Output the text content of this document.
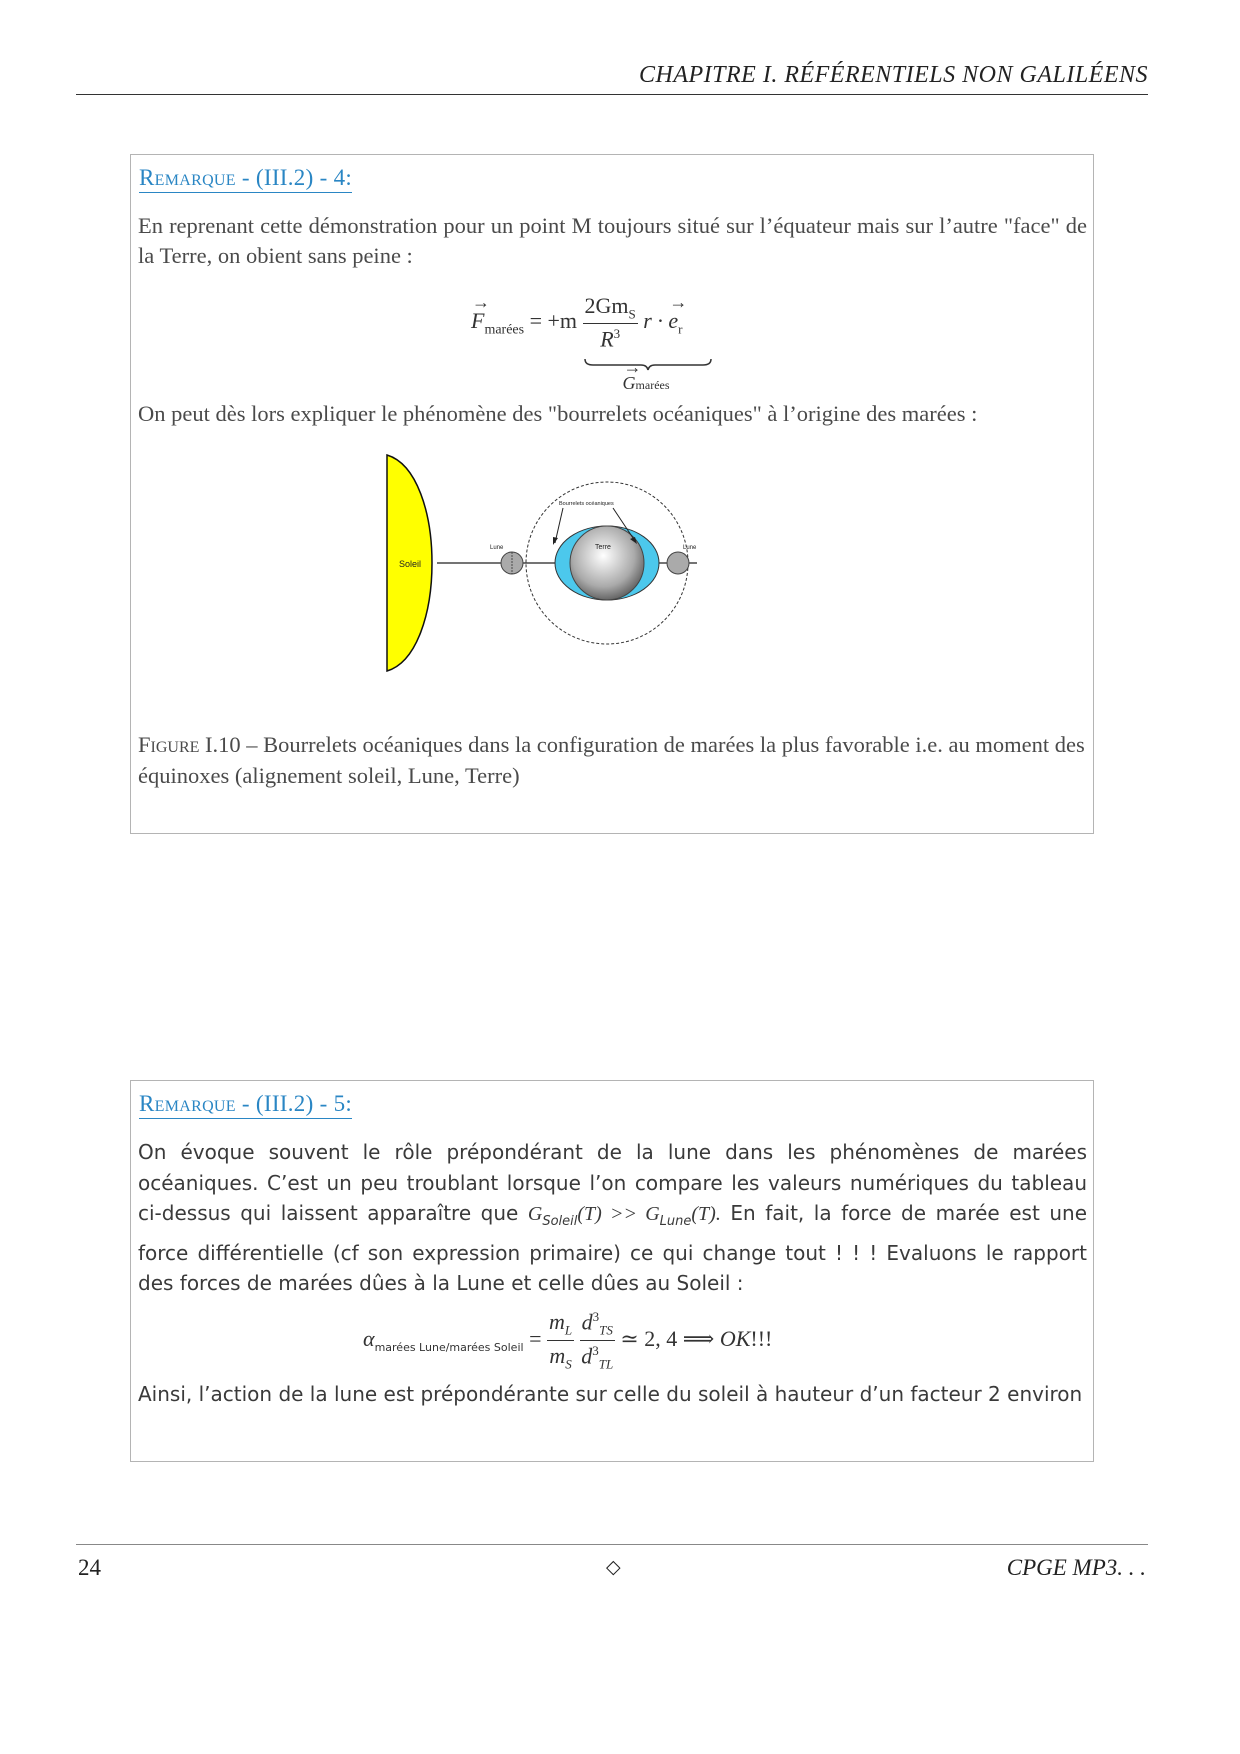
CHAPITRE I. RÉFÉRENTIELS NON GALILÉENS
Remarque - (III.2) - 4:
En reprenant cette démonstration pour un point M toujours situé sur l’équateur mais sur l’autre "face" de la Terre, on obient sans peine :
→ $F_{marées} = +m \frac{2Gm_S}{R^3}$ r · → $e_r$
→ Gmarées
On peut dès lors expliquer le phénomène des "bourrelets océaniques" à l’origine des marées :
Soleil
Terre
Lune	Lune
Bourrelets océaniques
Figure I.10 – Bourrelets océaniques dans la configuration de marées la plus favorable i.e. au moment des équinoxes (alignement soleil, Lune, Terre)
Remarque - (III.2) - 5:
On évoque souvent le rôle prépondérant de la lune dans les phénomènes de marées océaniques. C’est un peu troublant lorsque l’on compare les valeurs numériques du tableau ci-dessus qui laissent apparaître que $G_{Soleil}(T) >> G_{Lune}(T)$. En fait, la force de marée est une force différentielle (cf son expression primaire) ce qui change tout ! ! ! Evaluons le rapport des forces de marées dûes à la Lune et celle dûes au Soleil :
$\alpha_{marées Lune/marées Soleil} = \frac{m_L}{m_S}$
$\frac{d^3_{TS}}{d^3_{TL}}$ ≃ 2, 4 ⟹ OK!!!
Ainsi, l’action de la lune est prépondérante sur celle du soleil à hauteur d’un facteur 2 environ
24	◇	CPGE MP3. . .
